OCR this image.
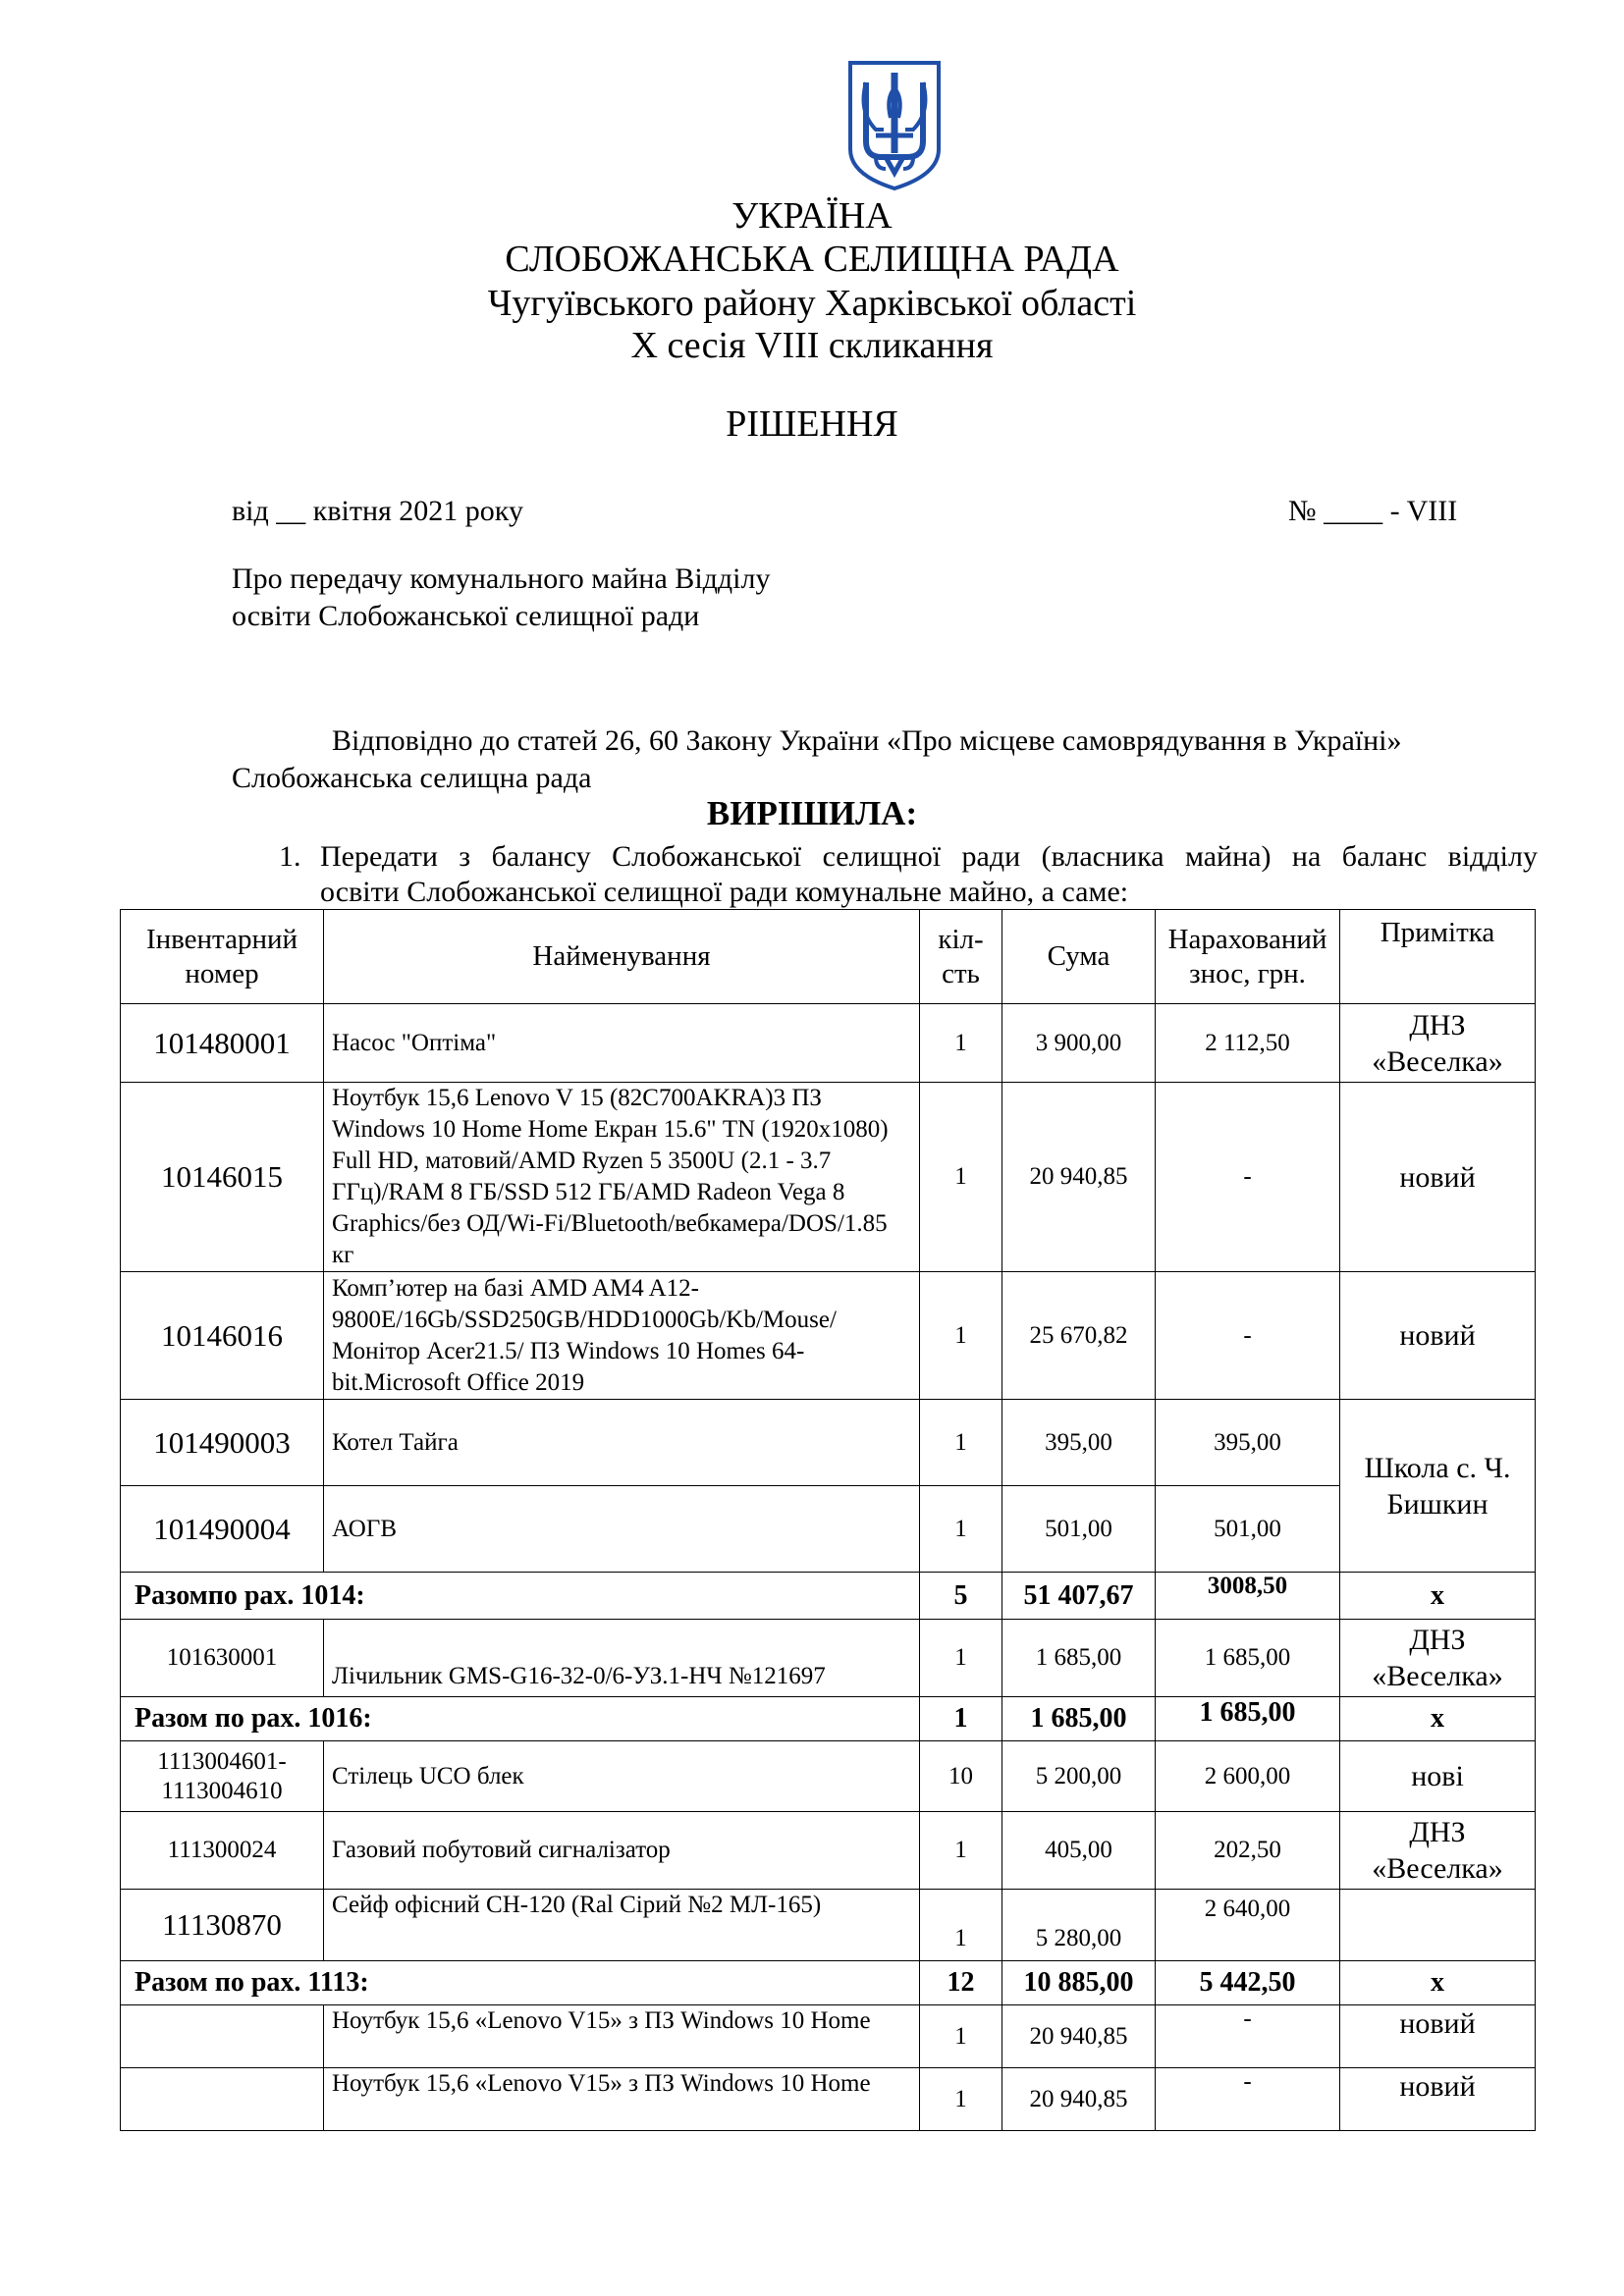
УКРАЇНА
СЛОБОЖАНСЬКА СЕЛИЩНА РАДА
Чугуївського району Харківської області
Х сесія VIII скликання
РІШЕННЯ
від __ квітня 2021 року	№ ____ - VIII
Про передачу комунального майна Відділу
освіти Слобожанської селищної ради
Відповідно до статей 26, 60 Закону України «Про місцеве самоврядування в Україні»
Слобожанська селищна рада
ВИРІШИЛА:
1. Передати з балансу Слобожанської селищної ради (власника майна) на баланс відділу
освіти Слобожанської селищної ради комунальне майно, а саме:
Інвентарний номер	Найменування	кіл-сть	Сума	Нарахований знос, грн.	Примітка
101480001	Насос "Оптіма"	1	3 900,00	2 112,50	ДНЗ «Веселка»
10146015	Ноутбук 15,6 Lenovo V 15 (82C700AKRA)3 ПЗ Windows 10 Home Home Екран 15.6" TN (1920x1080) Full HD, матовий/AMD Ryzen 5 3500U (2.1 - 3.7 ГГц)/RAM 8 ГБ/SSD 512 ГБ/AMD Radeon Vega 8 Graphics/без ОД/Wi-Fi/Bluetooth/вебкамера/DOS/1.85 кг	1	20 940,85	-	новий
10146016	Комп’ютер на базі AMD AM4 A12-9800E/16Gb/SSD250GB/HDD1000Gb/Kb/Mouse/ Монітор Acer21.5/ ПЗ Windows 10 Homes 64-bit.Microsoft Office 2019	1	25 670,82	-	новий
101490003	Котел Тайга	1	395,00	395,00	Школа с. Ч. Бишкин
101490004	АОГВ	1	501,00	501,00	
Разомпо рах. 1014:		5	51 407,67	3008,50	х
101630001	Лічильник GMS-G16-32-0/6-УЗ.1-НЧ №121697	1	1 685,00	1 685,00	ДНЗ «Веселка»
Разом по рах. 1016:		1	1 685,00	1 685,00	х
1113004601-1113004610	Стілець UCO блек	10	5 200,00	2 600,00	нові
111300024	Газовий побутовий сигналізатор	1	405,00	202,50	ДНЗ «Веселка»
11130870	Сейф офісний СН-120 (Ral Сірий №2 МЛ-165)	1	5 280,00	2 640,00	
Разом по рах. 1113:		12	10 885,00	5 442,50	х
	Ноутбук 15,6 «Lenovo V15» з ПЗ Windows 10 Home	1	20 940,85	-	новий
	Ноутбук 15,6 «Lenovo V15» з ПЗ Windows 10 Home	1	20 940,85	-	новий
